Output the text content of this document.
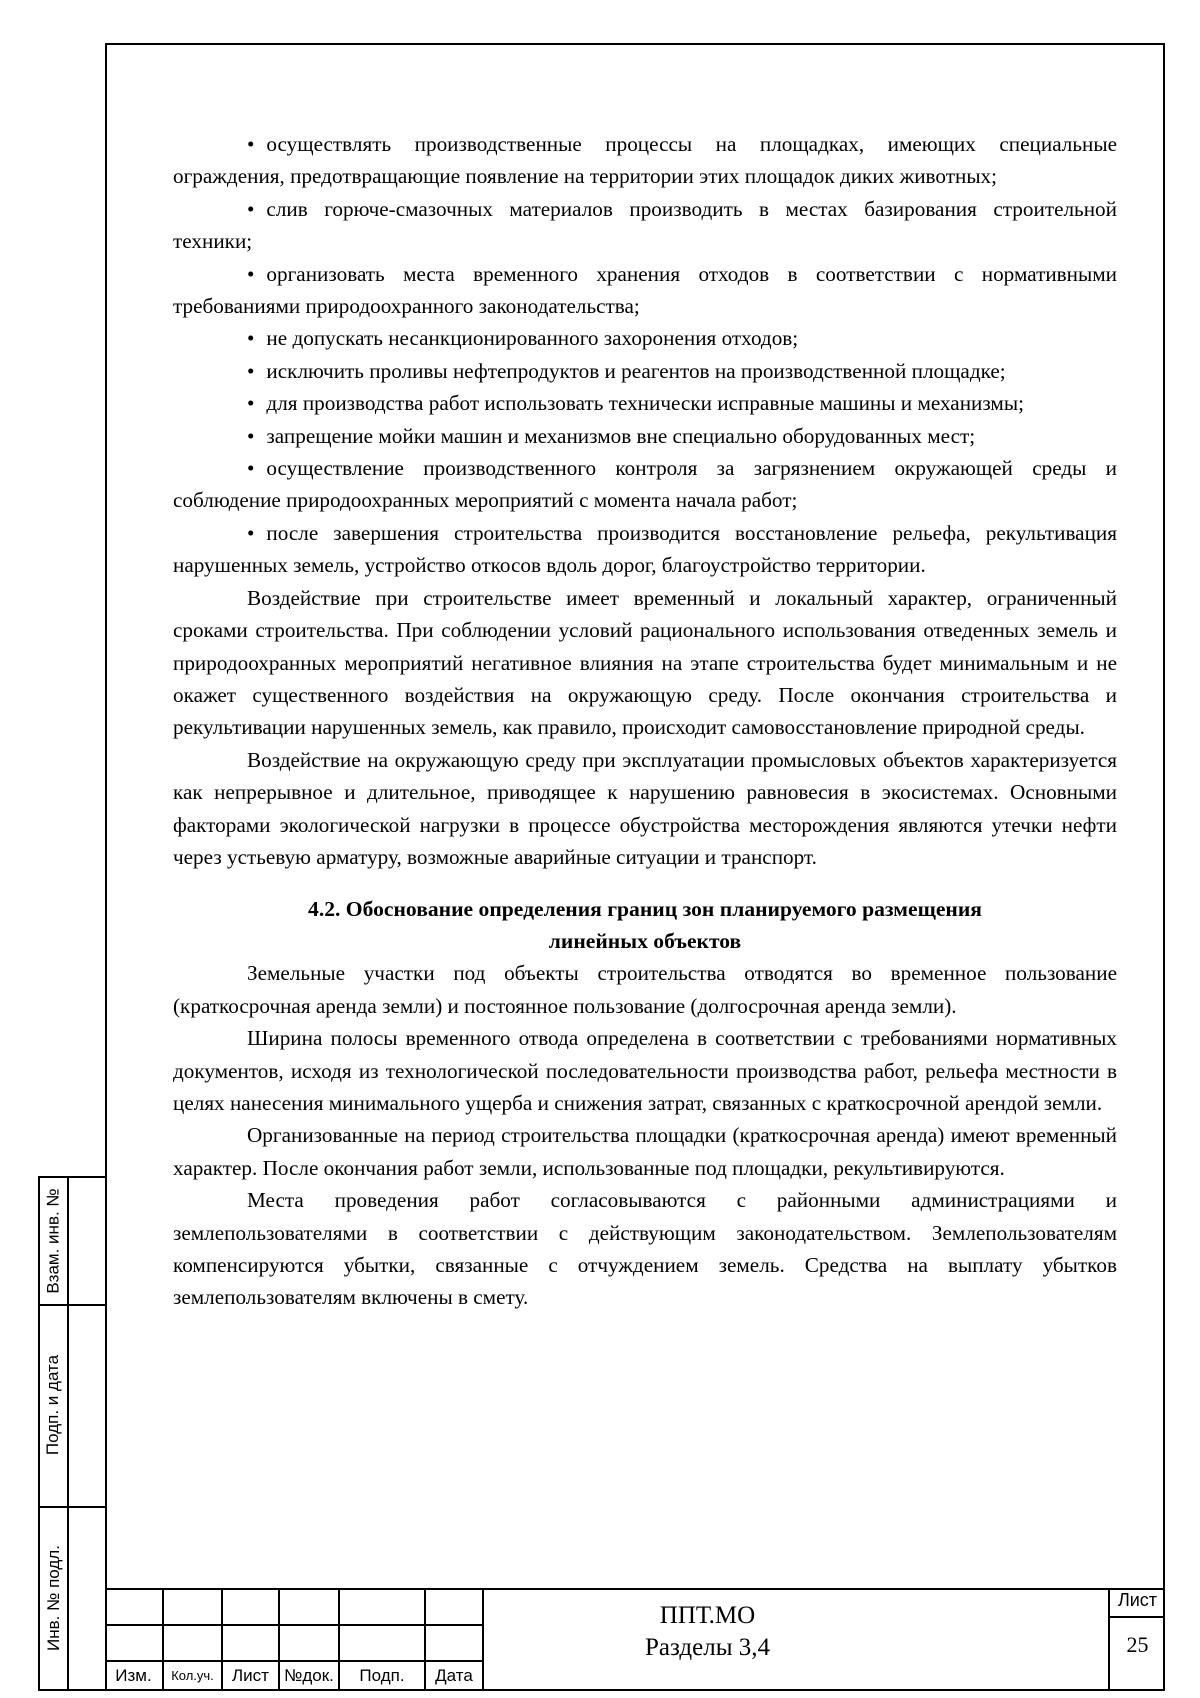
Взам. инв. №
Подп. и дата
Инв. № подл.

• осуществлять производственные процессы на площадках, имеющих специальные ограждения, предотвращающие появление на территории этих площадок диких животных;

• слив горюче-смазочных материалов производить в местах базирования строительной техники;

• организовать места временного хранения отходов в соответствии с нормативными требованиями природоохранного законодательства;

• не допускать несанкционированного захоронения отходов;

• исключить проливы нефтепродуктов и реагентов на производственной площадке;

• для производства работ использовать технически исправные машины и механизмы;

• запрещение мойки машин и механизмов вне специально оборудованных мест;

• осуществление производственного контроля за загрязнением окружающей среды и соблюдение природоохранных мероприятий с момента начала работ;

• после завершения строительства производится восстановление рельефа, рекультивация нарушенных земель, устройство откосов вдоль дорог, благоустройство территории.

Воздействие при строительстве имеет временный и локальный характер, ограниченный сроками строительства. При соблюдении условий рационального использования отведенных земель и природоохранных мероприятий негативное влияния на этапе строительства будет минимальным и не окажет существенного воздействия на окружающую среду. После окончания строительства и рекультивации нарушенных земель, как правило, происходит самовосстановление природной среды.

Воздействие на окружающую среду при эксплуатации промысловых объектов характеризуется как непрерывное и длительное, приводящее к нарушению равновесия в экосистемах. Основными факторами экологической нагрузки в процессе обустройства месторождения являются утечки нефти через устьевую арматуру, возможные аварийные ситуации и транспорт.

4.2. Обоснование определения границ зон планируемого размещения
линейных объектов

Земельные участки под объекты строительства отводятся во временное пользование (краткосрочная аренда земли) и постоянное пользование (долгосрочная аренда земли).

Ширина полосы временного отвода определена в соответствии с требованиями нормативных документов, исходя из технологической последовательности производства работ, рельефа местности в целях нанесения минимального ущерба и снижения затрат, связанных с краткосрочной арендой земли.

Организованные на период строительства площадки (краткосрочная аренда) имеют временный характер. После окончания работ земли, использованные под площадки, рекультивируются.

Места проведения работ согласовываются с районными администрациями и землепользователями в соответствии с действующим законодательством. Землепользователям компенсируются убытки, связанные с отчуждением земель. Средства на выплату убытков землепользователям включены в смету.

Изм.	Кол.уч.	Лист №док.	Подп.	Дата
ППТ.МО
Разделы 3,4
Лист
25
